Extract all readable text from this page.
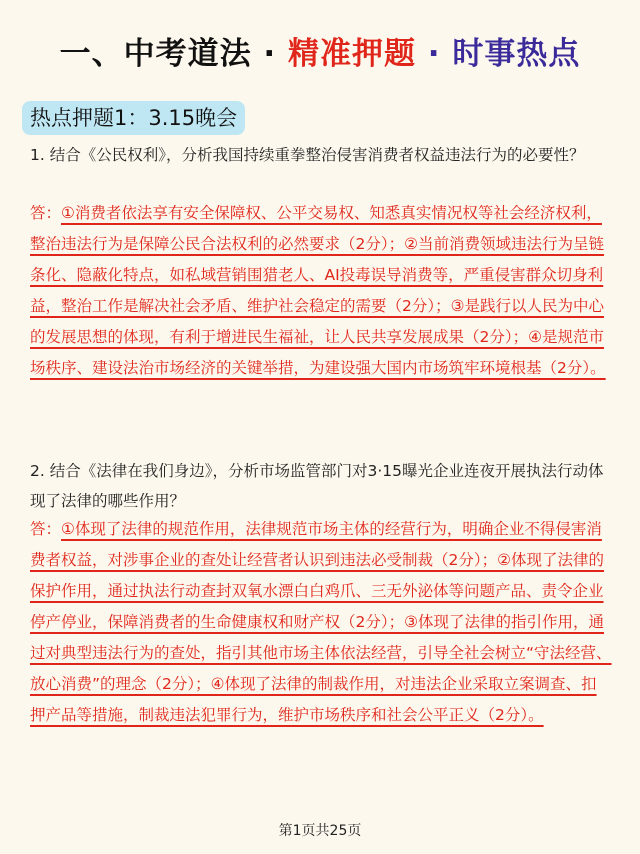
一、中考道法 · 精准押题 · 时事热点
热点押题1：3.15晚会
1. 结合《公民权利》，分析我国持续重拳整治侵害消费者权益违法行为的必要性？
答：①消费者依法享有安全保障权、公平交易权、知悉真实情况权等社会经济权利，整治违法行为是保障公民合法权利的必然要求（2分）；②当前消费领域违法行为呈链条化、隐蔽化特点，如私域营销围猎老人、AI投毒误导消费等，严重侵害群众切身利益，整治工作是解决社会矛盾、维护社会稳定的需要（2分）；③是践行以人民为中心的发展思想的体现，有利于增进民生福祉，让人民共享发展成果（2分）；④是规范市场秩序、建设法治市场经济的关键举措，为建设强大国内市场筑牢环境根基（2分）。
2. 结合《法律在我们身边》，分析市场监管部门对3·15曝光企业连夜开展执法行动体现了法律的哪些作用？
答：①体现了法律的规范作用，法律规范市场主体的经营行为，明确企业不得侵害消费者权益，对涉事企业的查处让经营者认识到违法必受制裁（2分）；②体现了法律的保护作用，通过执法行动查封双氧水漂白白鸡爪、三无外泌体等问题产品、责令企业停产停业，保障消费者的生命健康权和财产权（2分）；③体现了法律的指引作用，通过对典型违法行为的查处，指引其他市场主体依法经营，引导全社会树立“守法经营、放心消费”的理念（2分）；④体现了法律的制裁作用，对违法企业采取立案调查、扣押产品等措施，制裁违法犯罪行为，维护市场秩序和社会公平正义（2分）。
第1页共25页
